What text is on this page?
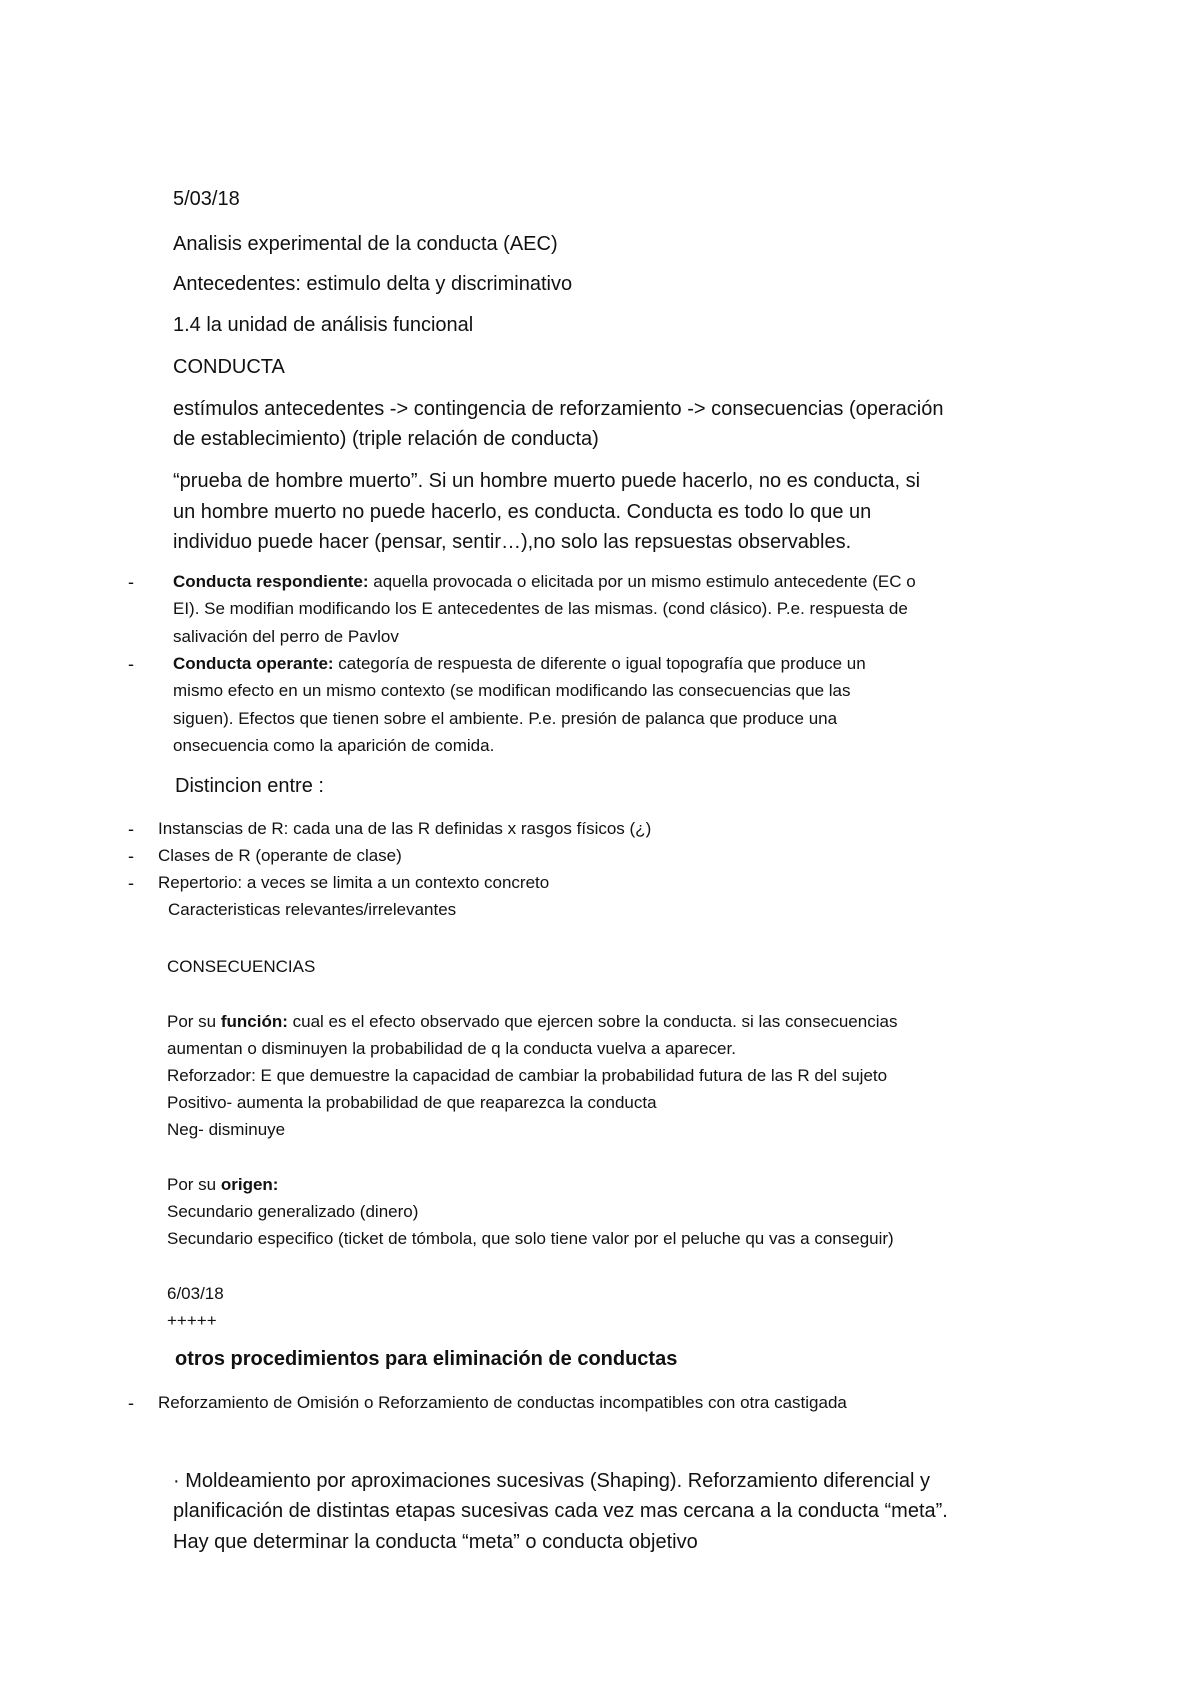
5/03/18

Analisis experimental de la conducta (AEC)

Antecedentes: estimulo delta y discriminativo

1.4 la unidad de análisis funcional

CONDUCTA

estímulos antecedentes -> contingencia de reforzamiento -> consecuencias (operación

de establecimiento) (triple relación de conducta)

“prueba de hombre muerto”. Si un hombre muerto puede hacerlo, no es conducta, si

un hombre muerto no puede hacerlo, es conducta. Conducta es todo lo que un

individuo puede hacer (pensar, sentir…),no solo las repsuestas observables.

- Conducta respondiente: aquella provocada o elicitada por un mismo estimulo antecedente (EC o

EI). Se modifian modificando los E antecedentes de las mismas. (cond clásico). P.e. respuesta de

salivación del perro de Pavlov

- Conducta operante: categoría de respuesta de diferente o igual topografía que produce un

mismo efecto en un mismo contexto (se modifican modificando las consecuencias que las

siguen). Efectos que tienen sobre el ambiente. P.e. presión de palanca que produce una

onsecuencia como la aparición de comida.

Distincion entre :

- Instanscias de R: cada una de las R definidas x rasgos físicos (¿)

- Clases de R (operante de clase)

- Repertorio: a veces se limita a un contexto concreto

Caracteristicas relevantes/irrelevantes

CONSECUENCIAS

Por su función: cual es el efecto observado que ejercen sobre la conducta. si las consecuencias

aumentan o disminuyen la probabilidad de q la conducta vuelva a aparecer.

Reforzador: E que demuestre la capacidad de cambiar la probabilidad futura de las R del sujeto

Positivo- aumenta la probabilidad de que reaparezca la conducta

Neg- disminuye

Por su origen:

Secundario generalizado (dinero)

Secundario especifico (ticket de tómbola, que solo tiene valor por el peluche qu vas a conseguir)

6/03/18

+++++

otros procedimientos para eliminación de conductas

- Reforzamiento de Omisión o Reforzamiento de conductas incompatibles con otra castigada

· Moldeamiento por aproximaciones sucesivas (Shaping). Reforzamiento diferencial y

planificación de distintas etapas sucesivas cada vez mas cercana a la conducta “meta”.

Hay que determinar la conducta “meta” o conducta objetivo
